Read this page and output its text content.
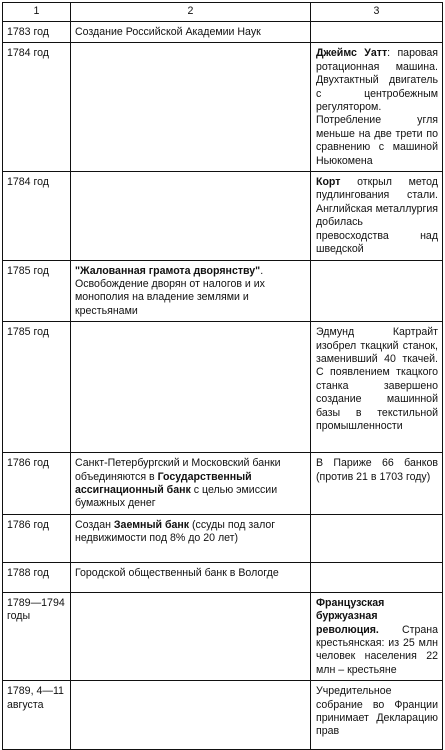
1	2	3
1783 год	Создание Российской Академии Наук	
1784 год		Джеймс Уатт: паровая ротационная машина. Двухтактный двигатель с центробежным регулятором. Потребление угля меньше на две трети по сравнению с машиной Ньюкомена
1784 год		Корт открыл метод пудлингования стали. Английская металлургия добилась превосходства над шведской
1785 год	"Жалованная грамота дворянству". Освобождение дворян от налогов и их монополия на владение землями и крестьянами	
1785 год		Эдмунд Картрайт изобрел ткацкий станок, заменивший 40 ткачей. С появлением ткацкого станка завершено создание машинной базы в текстильной промышленности
1786 год	Санкт-Петербургский и Московский банки объединяются в Государственный ассигнационный банк с целью эмиссии бумажных денег	В Париже 66 банков (против 21 в 1703 году)
1786 год	Создан Заемный банк (ссуды под залог недвижимости под 8% до 20 лет)	
1788 год	Городской общественный банк в Вологде	
1789—1794 годы		Французская буржуазная революция. Страна крестьянская: из 25 млн человек населения 22 млн – крестьяне
1789, 4—11 августа		Учредительное собрание во Франции принимает Декларацию прав
